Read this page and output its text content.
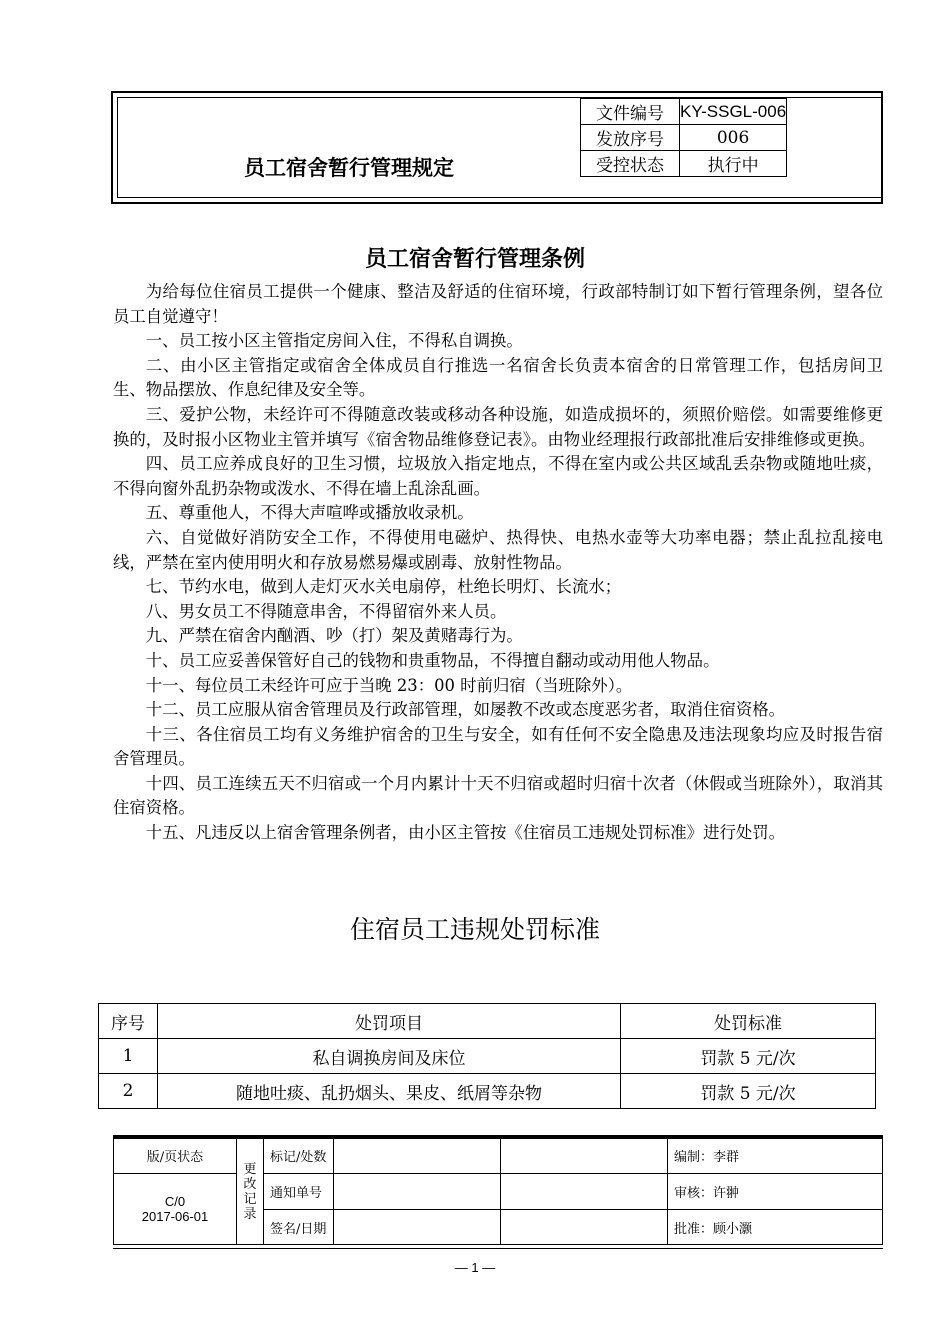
员工宿舍暂行管理规定
文件编号	KY-SSGL-006
发放序号	006
受控状态	执行中
员工宿舍暂行管理条例

为给每位住宿员工提供一个健康、整洁及舒适的住宿环境，行政部特制订如下暂行管理条例，望各位员工自觉遵守！

一、员工按小区主管指定房间入住，不得私自调换。

二、由小区主管指定或宿舍全体成员自行推选一名宿舍长负责本宿舍的日常管理工作，包括房间卫生、物品摆放、作息纪律及安全等。

三、爱护公物，未经许可不得随意改装或移动各种设施，如造成损坏的，须照价赔偿。如需要维修更换的，及时报小区物业主管并填写《宿舍物品维修登记表》。由物业经理报行政部批准后安排维修或更换。

四、员工应养成良好的卫生习惯，垃圾放入指定地点，不得在室内或公共区域乱丢杂物或随地吐痰，不得向窗外乱扔杂物或泼水、不得在墙上乱涂乱画。

五、尊重他人，不得大声喧哗或播放收录机。

六、自觉做好消防安全工作，不得使用电磁炉、热得快、电热水壶等大功率电器；禁止乱拉乱接电线，严禁在室内使用明火和存放易燃易爆或剧毒、放射性物品。

七、节约水电，做到人走灯灭水关电扇停，杜绝长明灯、长流水；

八、男女员工不得随意串舍，不得留宿外来人员。

九、严禁在宿舍内酗酒、吵（打）架及黄赌毒行为。

十、员工应妥善保管好自己的钱物和贵重物品，不得擅自翻动或动用他人物品。

十一、每位员工未经许可应于当晚 23：00 时前归宿（当班除外）。

十二、员工应服从宿舍管理员及行政部管理，如屡教不改或态度恶劣者，取消住宿资格。

十三、各住宿员工均有义务维护宿舍的卫生与安全，如有任何不安全隐患及违法现象均应及时报告宿舍管理员。

十四、员工连续五天不归宿或一个月内累计十天不归宿或超时归宿十次者（休假或当班除外），取消其住宿资格。

十五、凡违反以上宿舍管理条例者，由小区主管按《住宿员工违规处罚标准》进行处罚。

住宿员工违规处罚标准
序号	处罚项目	处罚标准
1	私自调换房间及床位	罚款 5 元/次
2	随地吐痰、乱扔烟头、果皮、纸屑等杂物	罚款 5 元/次
版/页状态	更改记录	标记/处数			编制：李群

C/0
2017-06-01		通知单号			审核：许翀
		签名/日期			批准：顾小灏
— 1 —
